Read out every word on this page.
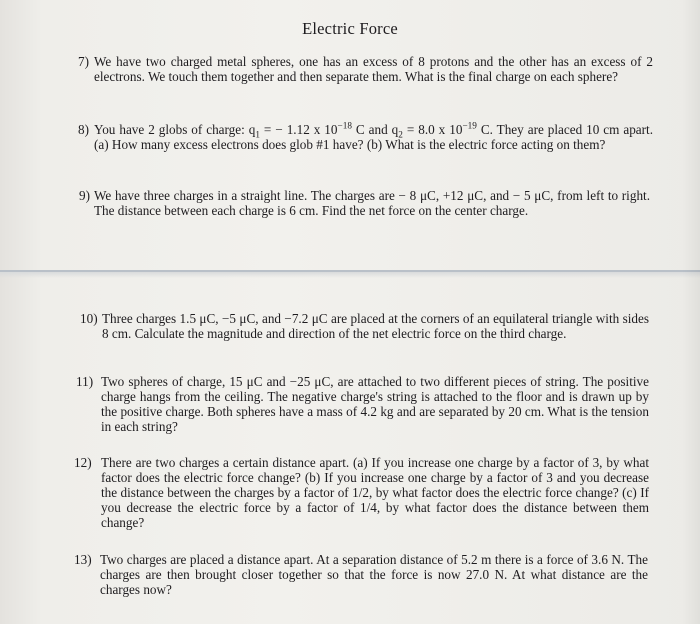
Electric Force
7) We have two charged metal spheres, one has an excess of 8 protons and the other has an excess of 2 electrons. We touch them together and then separate them. What is the final charge on each sphere?
8) You have 2 globs of charge: $q_1$ = − 1.12 x $10^{-18}$ C and $q_2 = 8.0$ x $10^{-19}$ C. They are placed 10 cm apart. (a) How many excess electrons does glob #1 have? (b) What is the electric force acting on them?
9) We have three charges in a straight line. The charges are − 8 μC, +12 μC, and − 5 μC, from left to right. The distance between each charge is 6 cm. Find the net force on the center charge.
10) Three charges 1.5 μC, −5 μC, and −7.2 μC are placed at the corners of an equilateral triangle with sides 8 cm. Calculate the magnitude and direction of the net electric force on the third charge.
11) Two spheres of charge, 15 μC and −25 μC, are attached to two different pieces of string. The positive charge hangs from the ceiling. The negative charge's string is attached to the floor and is drawn up by the positive charge. Both spheres have a mass of 4.2 kg and are separated by 20 cm. What is the tension in each string?
12) There are two charges a certain distance apart. (a) If you increase one charge by a factor of 3, by what factor does the electric force change? (b) If you increase one charge by a factor of 3 and you decrease the distance between the charges by a factor of 1/2, by what factor does the electric force change? (c) If you decrease the electric force by a factor of 1/4, by what factor does the distance between them change?
13) Two charges are placed a distance apart. At a separation distance of 5.2 m there is a force of 3.6 N. The charges are then brought closer together so that the force is now 27.0 N. At what distance are the charges now?
